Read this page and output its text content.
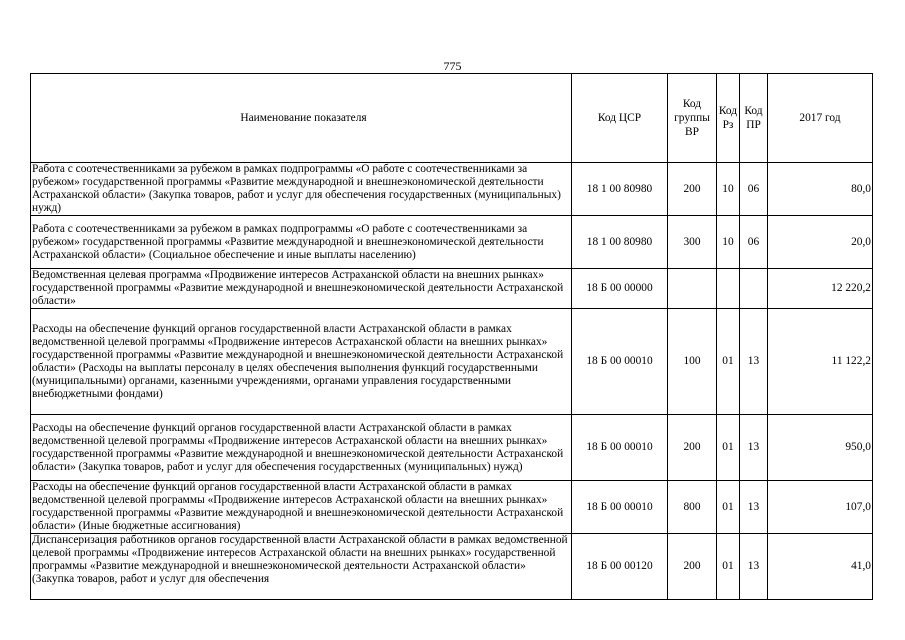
775
Наименование показателя	Код ЦСР	Код группы ВР	Код Рз	Код ПР	2017 год
Работа с соотечественниками за рубежом в рамках подпрограммы «О работе с соотечественниками за рубежом» государственной программы «Развитие международной и внешнеэкономической деятельности Астраханской области» (Закупка товаров, работ и услуг для обеспечения государственных (муниципальных) нужд)	18 1 00 80980	200	10	06	80,0
Работа с соотечественниками за рубежом в рамках подпрограммы «О работе с соотечественниками за рубежом» государственной программы «Развитие международной и внешнеэкономической деятельности Астраханской области» (Социальное обеспечение и иные выплаты населению)	18 1 00 80980	300	10	06	20,0
Ведомственная целевая программа «Продвижение интересов Астраханской области на внешних рынках» государственной программы «Развитие международной и внешнеэкономической деятельности Астраханской области»	18 Б 00 00000				12 220,2
Расходы на обеспечение функций органов государственной власти Астраханской области в рамках ведомственной целевой программы «Продвижение интересов Астраханской области на внешних рынках» государственной программы «Развитие международной и внешнеэкономической деятельности Астраханской области» (Расходы на выплаты персоналу в целях обеспечения выполнения функций государственными (муниципальными) органами, казенными учреждениями, органами управления государственными внебюджетными фондами)	18 Б 00 00010	100	01	13	11 122,2
Расходы на обеспечение функций органов государственной власти Астраханской области в рамках ведомственной целевой программы «Продвижение интересов Астраханской области на внешних рынках» государственной программы «Развитие международной и внешнеэкономической деятельности Астраханской области» (Закупка товаров, работ и услуг для обеспечения государственных (муниципальных) нужд)	18 Б 00 00010	200	01	13	950,0
Расходы на обеспечение функций органов государственной власти Астраханской области в рамках ведомственной целевой программы «Продвижение интересов Астраханской области на внешних рынках» государственной программы «Развитие международной и внешнеэкономической деятельности Астраханской области» (Иные бюджетные ассигнования)	18 Б 00 00010	800	01	13	107,0
Диспансеризация работников органов государственной власти Астраханской области в рамках ведомственной целевой программы «Продвижение интересов Астраханской области на внешних рынках» государственной программы «Развитие международной и внешнеэкономической деятельности Астраханской области» (Закупка товаров, работ и услуг для обеспечения	18 Б 00 00120	200	01	13	41,0
